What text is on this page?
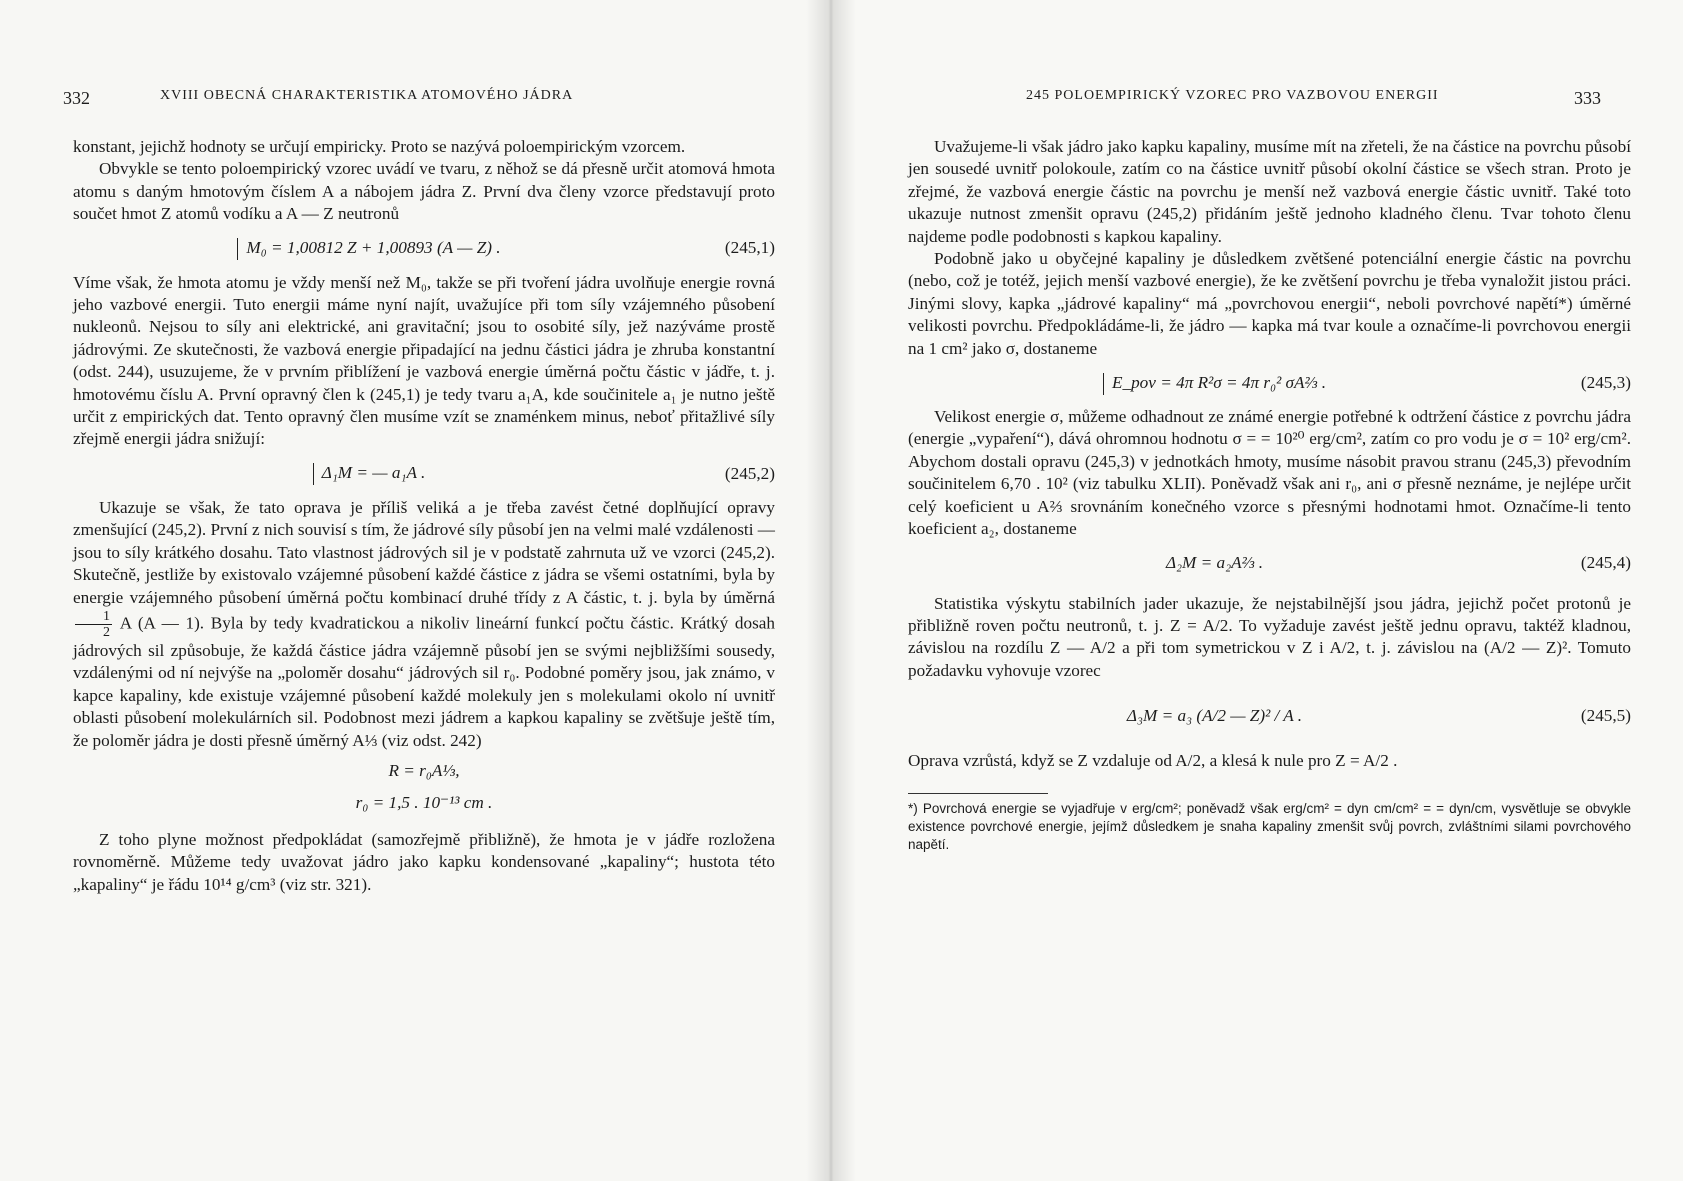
332	XVIII OBECNÁ CHARAKTERISTIKA ATOMOVÉHO JÁDRA

konstant, jejichž hodnoty se určují empiricky. Proto se nazývá poloempirickým vzorcem.

Obvykle se tento poloempirický vzorec uvádí ve tvaru, z něhož se dá přesně určit atomová hmota atomu s daným hmotovým číslem A a nábojem jádra Z. První dva členy vzorce představují proto součet hmot Z atomů vodíku a A — Z neutronů

M₀ = 1,00812 Z + 1,00893 (A — Z) .	(245,1)

Víme však, že hmota atomu je vždy menší než M₀, takže se při tvoření jádra uvolňuje energie rovná jeho vazbové energii. Tuto energii máme nyní najít, uvažujíce při tom síly vzájemného působení nukleonů. Nejsou to síly ani elektrické, ani gravitační; jsou to osobité síly, jež nazýváme prostě jádrovými. Ze skutečnosti, že vazbová energie připadající na jednu částici jádra je zhruba konstantní (odst. 244), usuzujeme, že v prvním přiblížení je vazbová energie úměrná počtu částic v jádře, t. j. hmotovému číslu A. První opravný člen k (245,1) je tedy tvaru a₁A, kde součinitele a₁ je nutno ještě určit z empirických dat. Tento opravný člen musíme vzít se znaménkem minus, neboť přitažlivé síly zřejmě energii jádra snižují:

Δ₁M = — a₁A .	(245,2)

Ukazuje se však, že tato oprava je příliš veliká a je třeba zavést četné doplňující opravy zmenšující (245,2). První z nich souvisí s tím, že jádrové síly působí jen na velmi malé vzdálenosti — jsou to síly krátkého dosahu. Tato vlastnost jádrových sil je v podstatě zahrnuta už ve vzorci (245,2). Skutečně, jestliže by existovalo vzájemné působení každé částice z jádra se všemi ostatními, byla by energie vzájemného působení úměrná počtu kombinací druhé třídy z A částic, t. j. byla by úměrná
$\frac{1}{2}$ A (A — 1). Byla by tedy kvadratickou a nikoliv lineární funkcí počtu částic. Krátký dosah jádrových sil způsobuje, že každá částice jádra vzájemně působí jen se svými nejbližšími sousedy, vzdálenými od ní nejvýše na „poloměr dosahu“ jádrových sil r₀. Podobné poměry jsou, jak známo, v kapce kapaliny, kde existuje vzájemné působení každé molekuly jen s molekulami okolo ní uvnitř oblasti působení molekulárních sil. Podobnost mezi jádrem a kapkou kapaliny se zvětšuje ještě tím, že poloměr jádra je dosti přesně úměrný A⅓ (viz odst. 242)

R = r₀A⅓,
r₀ = 1,5 . 10⁻¹³ cm .

Z toho plyne možnost předpokládat (samozřejmě přibližně), že hmota je v jádře rozložena rovnoměrně. Můžeme tedy uvažovat jádro jako kapku kondensované „kapaliny“; hustota této „kapaliny“ je řádu 10¹⁴ g/cm³ (viz str. 321).

245 POLOEMPIRICKÝ VZOREC PRO VAZBOVOU ENERGII	333

Uvažujeme-li však jádro jako kapku kapaliny, musíme mít na zřeteli, že na částice na povrchu působí jen sousedé uvnitř polokoule, zatím co na částice uvnitř působí okolní částice se všech stran. Proto je zřejmé, že vazbová energie částic na povrchu je menší než vazbová energie částic uvnitř. Také toto ukazuje nutnost zmenšit opravu (245,2) přidáním ještě jednoho kladného členu. Tvar tohoto členu najdeme podle podobnosti s kapkou kapaliny.

Podobně jako u obyčejné kapaliny je důsledkem zvětšené potenciální energie částic na povrchu (nebo, což je totéž, jejich menší vazbové energie), že ke zvětšení povrchu je třeba vynaložit jistou práci. Jinými slovy, kapka „jádrové kapaliny“ má „povrchovou energii“, neboli povrchové napětí*) úměrné velikosti povrchu. Předpokládáme-li, že jádro — kapka má tvar koule a označíme-li povrchovou energii na 1 cm² jako σ, dostaneme

E_pov = 4π R²σ = 4π r₀² σA⅔ .	(245,3)

Velikost energie σ, můžeme odhadnout ze známé energie potřebné k odtržení částice z povrchu jádra (energie „vypaření“), dává ohromnou hodnotu σ = = 10²⁰ erg/cm², zatím co pro vodu je σ = 10² erg/cm². Abychom dostali opravu (245,3) v jednotkách hmoty, musíme násobit pravou stranu (245,3) převodním součinitelem 6,70 . 10² (viz tabulku XLII). Poněvadž však ani r₀, ani σ přesně neznáme, je nejlépe určit celý koeficient u A⅔ srovnáním konečného vzorce s přesnými hodnotami hmot. Označíme-li tento koeficient a₂, dostaneme

Δ₂M = a₂A⅔ .	(245,4)

Statistika výskytu stabilních jader ukazuje, že nejstabilnější jsou jádra, jejichž počet protonů je přibližně roven počtu neutronů, t. j. Z = A/2. To vyžaduje zavést ještě jednu opravu, taktéž kladnou, závislou na rozdílu Z — A/2 a při tom symetrickou v Z i A/2, t. j. závislou na (A/2 — Z)². Tomuto požadavku vyhovuje vzorec

Δ₃M = a₃ (A/2 — Z)² / A .	(245,5)

Oprava vzrůstá, když se Z vzdaluje od A/2, a klesá k nule pro Z = A/2 .

*) Povrchová energie se vyjadřuje v erg/cm²; poněvadž však erg/cm² = dyn cm/cm² = = dyn/cm, vysvětluje se obvykle existence povrchové energie, jejímž důsledkem je snaha kapaliny zmenšit svůj povrch, zvláštními silami povrchového napětí.
